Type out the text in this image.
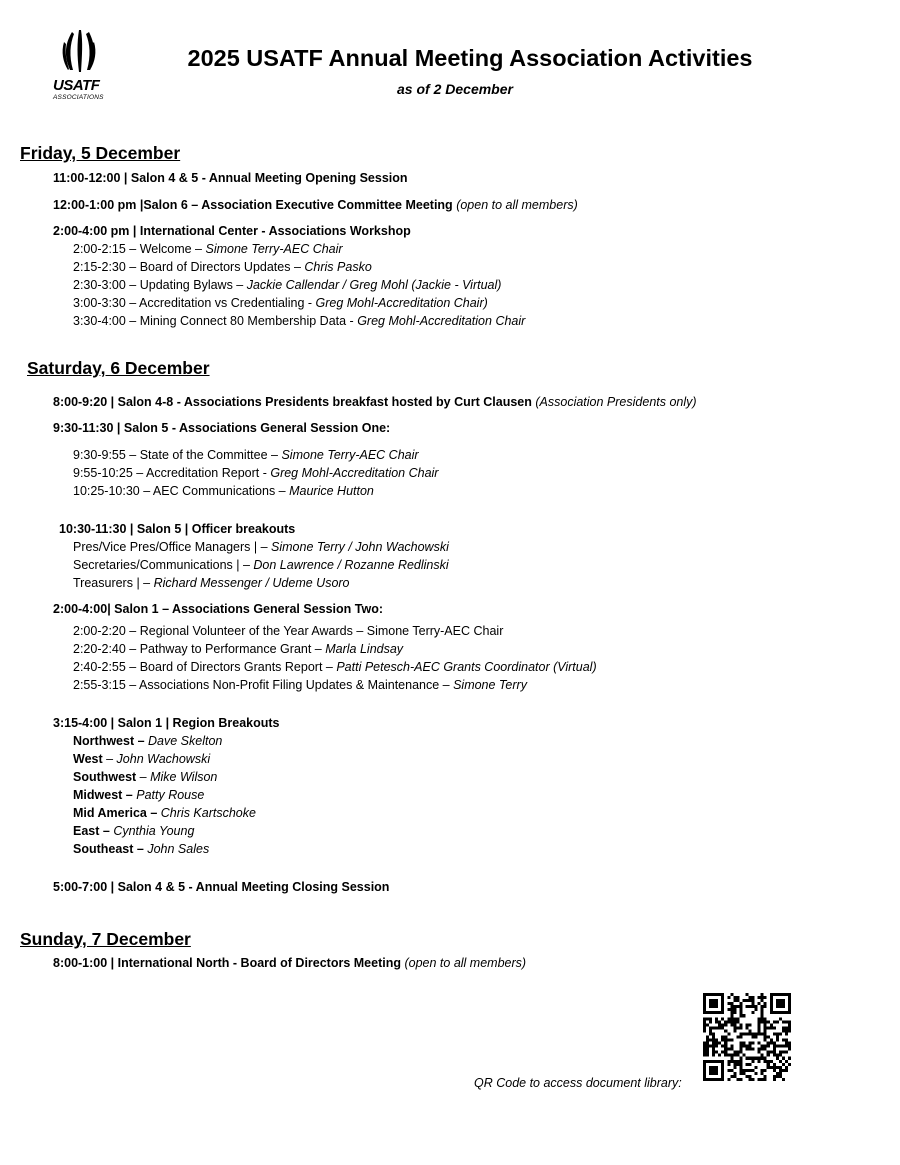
USATF
ASSOCIATIONS
2025 USATF Annual Meeting Association Activities
as of 2 December
Friday, 5 December
11:00-12:00 | Salon 4 & 5 - Annual Meeting Opening Session
12:00-1:00 pm |Salon 6 – Association Executive Committee Meeting (open to all members)
2:00-4:00 pm | International Center - Associations Workshop
2:00-2:15 – Welcome – Simone Terry-AEC Chair
2:15-2:30 – Board of Directors Updates – Chris Pasko
2:30-3:00 – Updating Bylaws – Jackie Callendar / Greg Mohl (Jackie - Virtual)
3:00-3:30 – Accreditation vs Credentialing - Greg Mohl-Accreditation Chair)
3:30-4:00 – Mining Connect 80 Membership Data - Greg Mohl-Accreditation Chair
Saturday, 6 December
8:00-9:20 | Salon 4-8 - Associations Presidents breakfast hosted by Curt Clausen (Association Presidents only)
9:30-11:30 | Salon 5 - Associations General Session One:
9:30-9:55 – State of the Committee – Simone Terry-AEC Chair
9:55-10:25 – Accreditation Report - Greg Mohl-Accreditation Chair
10:25-10:30 – AEC Communications – Maurice Hutton
10:30-11:30 | Salon 5 | Officer breakouts
Pres/Vice Pres/Office Managers | – Simone Terry / John Wachowski
Secretaries/Communications | – Don Lawrence / Rozanne Redlinski
Treasurers | – Richard Messenger / Udeme Usoro
2:00-4:00| Salon 1 – Associations General Session Two:
2:00-2:20 – Regional Volunteer of the Year Awards – Simone Terry-AEC Chair
2:20-2:40 – Pathway to Performance Grant – Marla Lindsay
2:40-2:55 – Board of Directors Grants Report – Patti Petesch-AEC Grants Coordinator (Virtual)
2:55-3:15 – Associations Non-Profit Filing Updates & Maintenance – Simone Terry
3:15-4:00 | Salon 1 | Region Breakouts
Northwest – Dave Skelton
West – John Wachowski
Southwest – Mike Wilson
Midwest – Patty Rouse
Mid America – Chris Kartschoke
East – Cynthia Young
Southeast – John Sales
5:00-7:00 | Salon 4 & 5 - Annual Meeting Closing Session
Sunday, 7 December
8:00-1:00 | International North - Board of Directors Meeting (open to all members)
QR Code to access document library:
